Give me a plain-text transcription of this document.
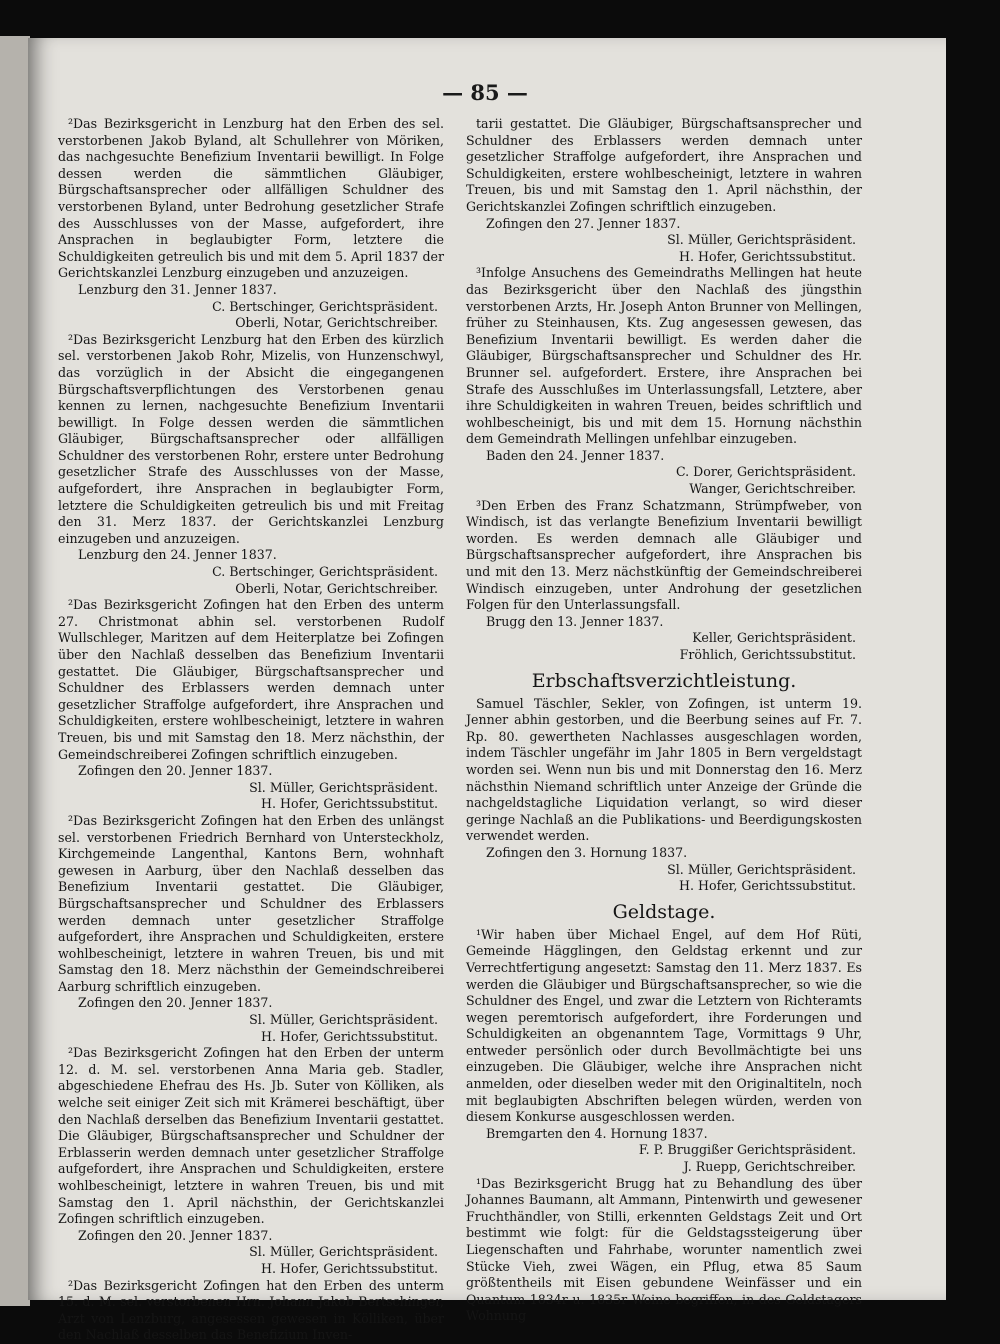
— 85 —

²Das Bezirksgericht in Lenzburg hat den Erben des sel. verstorbenen Jakob Byland, alt Schullehrer von Möriken, das nachgesuchte Benefizium Inventarii bewilligt. In Folge dessen werden die sämmtlichen Gläubiger, Bürgschaftsansprecher oder allfälligen Schuldner des verstorbenen Byland, unter Bedrohung gesetzlicher Strafe des Ausschlusses von der Masse, aufgefordert, ihre Ansprachen in beglaubigter Form, letztere die Schuldigkeiten getreulich bis und mit dem 5. April 1837 der Gerichtskanzlei Lenzburg einzugeben und anzuzeigen.

Lenzburg den 31. Jenner 1837.

C. Bertschinger, Gerichtspräsident.

Oberli, Notar, Gerichtschreiber.

²Das Bezirksgericht Lenzburg hat den Erben des kürzlich sel. verstorbenen Jakob Rohr, Mizelis, von Hunzenschwyl, das vorzüglich in der Absicht die eingegangenen Bürgschaftsverpflichtungen des Verstorbenen genau kennen zu lernen, nachgesuchte Benefizium Inventarii bewilligt. In Folge dessen werden die sämmtlichen Gläubiger, Bürgschaftsansprecher oder allfälligen Schuldner des verstorbenen Rohr, erstere unter Bedrohung gesetzlicher Strafe des Ausschlusses von der Masse, aufgefordert, ihre Ansprachen in beglaubigter Form, letztere die Schuldigkeiten getreulich bis und mit Freitag den 31. Merz 1837. der Gerichtskanzlei Lenzburg einzugeben und anzuzeigen.

Lenzburg den 24. Jenner 1837.

C. Bertschinger, Gerichtspräsident.

Oberli, Notar, Gerichtschreiber.

²Das Bezirksgericht Zofingen hat den Erben des unterm 27. Christmonat abhin sel. verstorbenen Rudolf Wullschleger, Maritzen auf dem Heiterplatze bei Zofingen über den Nachlaß desselben das Benefizium Inventarii gestattet. Die Gläubiger, Bürgschaftsansprecher und Schuldner des Erblassers werden demnach unter gesetzlicher Straffolge aufgefordert, ihre Ansprachen und Schuldigkeiten, erstere wohlbescheinigt, letztere in wahren Treuen, bis und mit Samstag den 18. Merz nächsthin, der Gemeindschreiberei Zofingen schriftlich einzugeben.

Zofingen den 20. Jenner 1837.

Sl. Müller, Gerichtspräsident.

H. Hofer, Gerichtssubstitut.

²Das Bezirksgericht Zofingen hat den Erben des unlängst sel. verstorbenen Friedrich Bernhard von Untersteckholz, Kirchgemeinde Langenthal, Kantons Bern, wohnhaft gewesen in Aarburg, über den Nachlaß desselben das Benefizium Inventarii gestattet. Die Gläubiger, Bürgschaftsansprecher und Schuldner des Erblassers werden demnach unter gesetzlicher Straffolge aufgefordert, ihre Ansprachen und Schuldigkeiten, erstere wohlbescheinigt, letztere in wahren Treuen, bis und mit Samstag den 18. Merz nächsthin der Gemeindschreiberei Aarburg schriftlich einzugeben.

Zofingen den 20. Jenner 1837.

Sl. Müller, Gerichtspräsident.

H. Hofer, Gerichtssubstitut.

²Das Bezirksgericht Zofingen hat den Erben der unterm 12. d. M. sel. verstorbenen Anna Maria geb. Stadler, abgeschiedene Ehefrau des Hs. Jb. Suter von Kölliken, als welche seit einiger Zeit sich mit Krämerei beschäftigt, über den Nachlaß derselben das Benefizium Inventarii gestattet. Die Gläubiger, Bürgschaftsansprecher und Schuldner der Erblasserin werden demnach unter gesetzlicher Straffolge aufgefordert, ihre Ansprachen und Schuldigkeiten, erstere wohlbescheinigt, letztere in wahren Treuen, bis und mit Samstag den 1. April nächsthin, der Gerichtskanzlei Zofingen schriftlich einzugeben.

Zofingen den 20. Jenner 1837.

Sl. Müller, Gerichtspräsident.

H. Hofer, Gerichtssubstitut.

²Das Bezirksgericht Zofingen hat den Erben des unterm 15. d. M. sel. verstorbenen Hrn. Johann Jakob Bertschinger, Arzt von Lenzburg, angesessen gewesen in Kölliken, über den Nachlaß desselben das Benefizium Inven-

tarii gestattet. Die Gläubiger, Bürgschaftsansprecher und Schuldner des Erblassers werden demnach unter gesetzlicher Straffolge aufgefordert, ihre Ansprachen und Schuldigkeiten, erstere wohlbescheinigt, letztere in wahren Treuen, bis und mit Samstag den 1. April nächsthin, der Gerichtskanzlei Zofingen schriftlich einzugeben.

Zofingen den 27. Jenner 1837.

Sl. Müller, Gerichtspräsident.

H. Hofer, Gerichtssubstitut.

³Infolge Ansuchens des Gemeindraths Mellingen hat heute das Bezirksgericht über den Nachlaß des jüngsthin verstorbenen Arzts, Hr. Joseph Anton Brunner von Mellingen, früher zu Steinhausen, Kts. Zug angesessen gewesen, das Benefizium Inventarii bewilligt. Es werden daher die Gläubiger, Bürgschaftsansprecher und Schuldner des Hr. Brunner sel. aufgefordert. Erstere, ihre Ansprachen bei Strafe des Ausschlußes im Unterlassungsfall, Letztere, aber ihre Schuldigkeiten in wahren Treuen, beides schriftlich und wohlbescheinigt, bis und mit dem 15. Hornung nächsthin dem Gemeindrath Mellingen unfehlbar einzugeben.

Baden den 24. Jenner 1837.

C. Dorer, Gerichtspräsident.

Wanger, Gerichtschreiber.

³Den Erben des Franz Schatzmann, Strümpfweber, von Windisch, ist das verlangte Benefizium Inventarii bewilligt worden. Es werden demnach alle Gläubiger und Bürgschaftsansprecher aufgefordert, ihre Ansprachen bis und mit den 13. Merz nächstkünftig der Gemeindschreiberei Windisch einzugeben, unter Androhung der gesetzlichen Folgen für den Unterlassungsfall.

Brugg den 13. Jenner 1837.

Keller, Gerichtspräsident.

Fröhlich, Gerichtssubstitut.

Erbschaftsverzichtleistung.

Samuel Täschler, Sekler, von Zofingen, ist unterm 19. Jenner abhin gestorben, und die Beerbung seines auf Fr. 7. Rp. 80. gewertheten Nachlasses ausgeschlagen worden, indem Täschler ungefähr im Jahr 1805 in Bern vergeldstagt worden sei. Wenn nun bis und mit Donnerstag den 16. Merz nächsthin Niemand schriftlich unter Anzeige der Gründe die nachgeldstagliche Liquidation verlangt, so wird dieser geringe Nachlaß an die Publikations- und Beerdigungskosten verwendet werden.

Zofingen den 3. Hornung 1837.

Sl. Müller, Gerichtspräsident.

H. Hofer, Gerichtssubstitut.

Geldstage.

¹Wir haben über Michael Engel, auf dem Hof Rüti, Gemeinde Hägglingen, den Geldstag erkennt und zur Verrechtfertigung angesetzt: Samstag den 11. Merz 1837. Es werden die Gläubiger und Bürgschaftsansprecher, so wie die Schuldner des Engel, und zwar die Letztern von Richteramts wegen peremtorisch aufgefordert, ihre Forderungen und Schuldigkeiten an obgenanntem Tage, Vormittags 9 Uhr, entweder persönlich oder durch Bevollmächtigte bei uns einzugeben. Die Gläubiger, welche ihre Ansprachen nicht anmelden, oder dieselben weder mit den Originaltiteln, noch mit beglaubigten Abschriften belegen würden, werden von diesem Konkurse ausgeschlossen werden.

Bremgarten den 4. Hornung 1837.

F. P. Bruggißer Gerichtspräsident.

J. Ruepp, Gerichtschreiber.

¹Das Bezirksgericht Brugg hat zu Behandlung des über Johannes Baumann, alt Ammann, Pintenwirth und gewesener Fruchthändler, von Stilli, erkennten Geldstags Zeit und Ort bestimmt wie folgt: für die Geldstagssteigerung über Liegenschaften und Fahrhabe, worunter namentlich zwei Stücke Vieh, zwei Wägen, ein Pflug, etwa 85 Saum größtentheils mit Eisen gebundene Weinfässer und ein Quantum 1834r u. 1835r Weine begriffen, in des Geldstagers Wohnung
